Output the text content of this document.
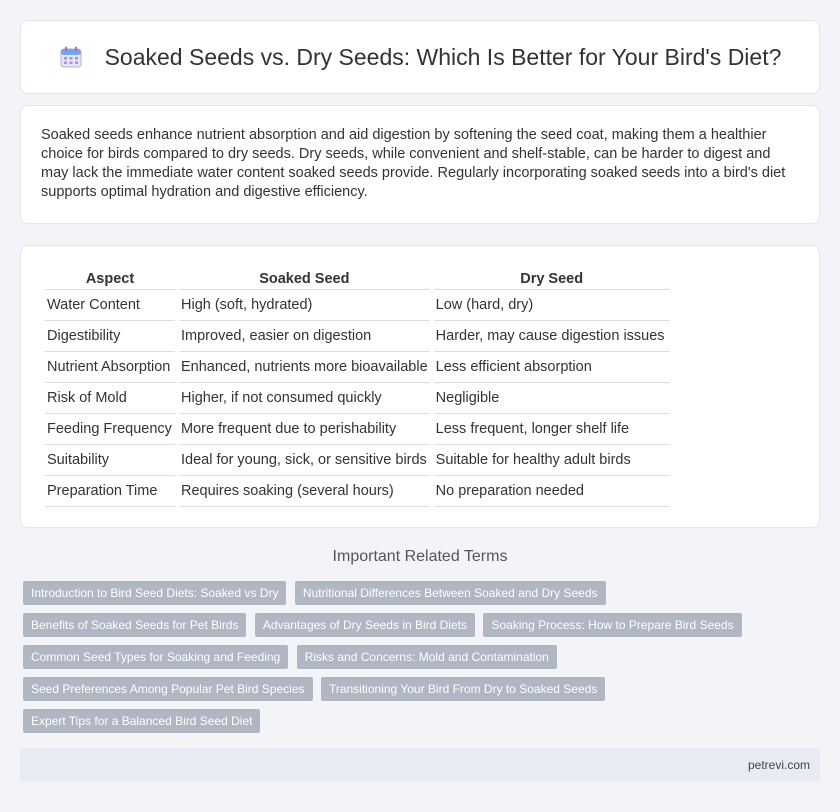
Soaked Seeds vs. Dry Seeds: Which Is Better for Your Bird's Diet?

Soaked seeds enhance nutrient absorption and aid digestion by softening the seed coat, making them a healthier choice for birds compared to dry seeds. Dry seeds, while convenient and shelf-stable, can be harder to digest and may lack the immediate water content soaked seeds provide. Regularly incorporating soaked seeds into a bird's diet supports optimal hydration and digestive efficiency.

Aspect	Soaked Seed	Dry Seed
Water Content	High (soft, hydrated)	Low (hard, dry)
Digestibility	Improved, easier on digestion	Harder, may cause digestion issues
Nutrient Absorption	Enhanced, nutrients more bioavailable	Less efficient absorption
Risk of Mold	Higher, if not consumed quickly	Negligible
Feeding Frequency	More frequent due to perishability	Less frequent, longer shelf life
Suitability	Ideal for young, sick, or sensitive birds	Suitable for healthy adult birds
Preparation Time	Requires soaking (several hours)	No preparation needed
Important Related Terms
Introduction to Bird Seed Diets: Soaked vs Dry Nutritional Differences Between Soaked and Dry Seeds
Benefits of Soaked Seeds for Pet Birds Advantages of Dry Seeds in Bird Diets Soaking Process: How to Prepare Bird Seeds
Common Seed Types for Soaking and Feeding Risks and Concerns: Mold and Contamination
Seed Preferences Among Popular Pet Bird Species Transitioning Your Bird From Dry to Soaked Seeds
Expert Tips for a Balanced Bird Seed Diet
petrevi.com
